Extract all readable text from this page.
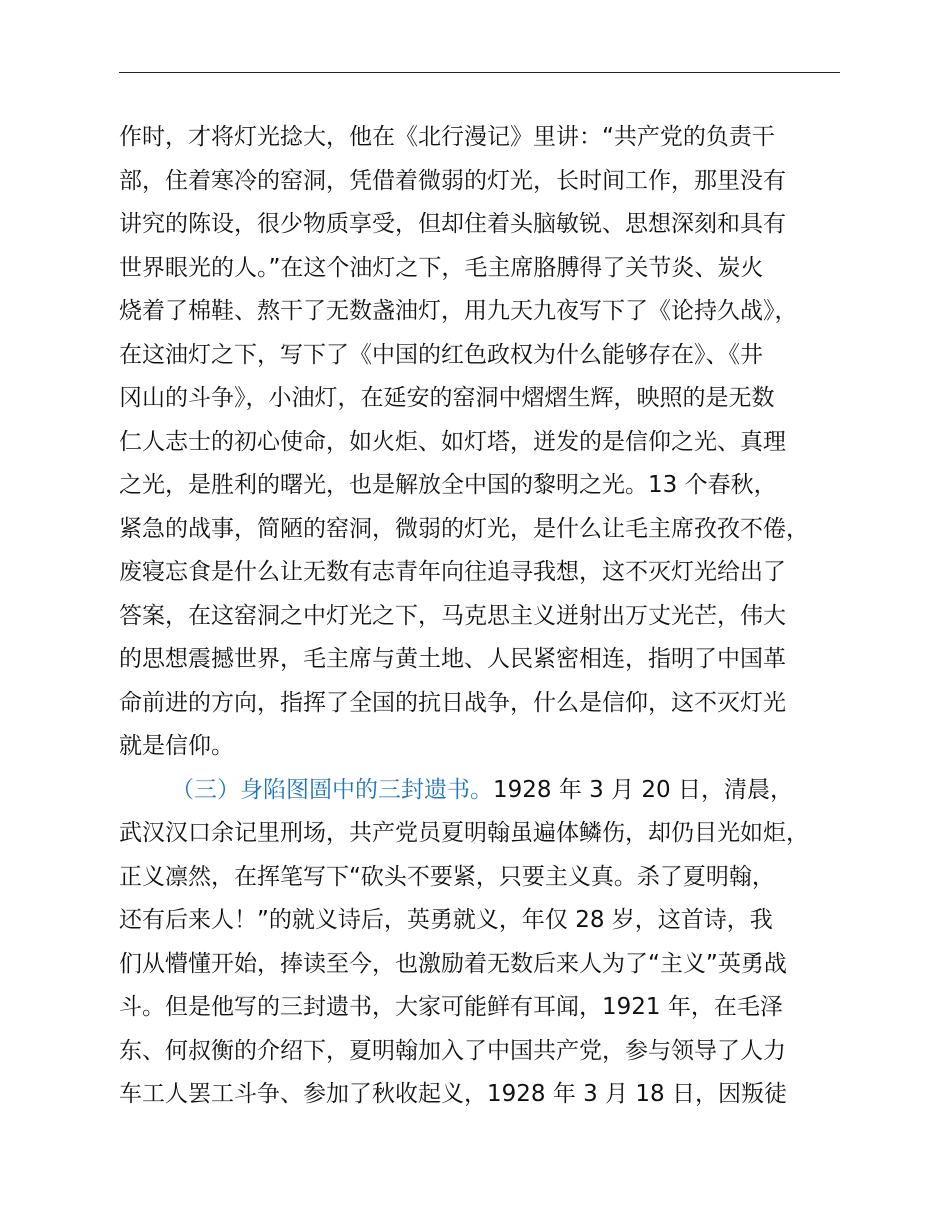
作时，才将灯光捻大，他在《北行漫记》里讲：“共产党的负责干
部，住着寒冷的窑洞，凭借着微弱的灯光，长时间工作，那里没有
讲究的陈设，很少物质享受，但却住着头脑敏锐、思想深刻和具有
世界眼光的人。”在这个油灯之下，毛主席胳膊得了关节炎、炭火
烧着了棉鞋、熬干了无数盏油灯，用九天九夜写下了《论持久战》，
在这油灯之下，写下了《中国的红色政权为什么能够存在》、《井
冈山的斗争》，小油灯，在延安的窑洞中熠熠生辉，映照的是无数
仁人志士的初心使命，如火炬、如灯塔，迸发的是信仰之光、真理
之光，是胜利的曙光，也是解放全中国的黎明之光。13 个春秋，
紧急的战事，简陋的窑洞，微弱的灯光，是什么让毛主席孜孜不倦，
废寝忘食是什么让无数有志青年向往追寻我想，这不灭灯光给出了
答案，在这窑洞之中灯光之下，马克思主义迸射出万丈光芒，伟大
的思想震撼世界，毛主席与黄土地、人民紧密相连，指明了中国革
命前进的方向，指挥了全国的抗日战争，什么是信仰，这不灭灯光
就是信仰。
（三）身陷图圄中的三封遗书。1928 年 3 月 20 日，清晨，
武汉汉口余记里刑场，共产党员夏明翰虽遍体鳞伤，却仍目光如炬，
正义凛然，在挥笔写下“砍头不要紧，只要主义真。杀了夏明翰，
还有后来人！”的就义诗后，英勇就义，年仅 28 岁，这首诗，我
们从懵懂开始，捧读至今，也激励着无数后来人为了“主义”英勇战
斗。但是他写的三封遗书，大家可能鲜有耳闻，1921 年，在毛泽
东、何叔衡的介绍下，夏明翰加入了中国共产党，参与领导了人力
车工人罢工斗争、参加了秋收起义，1928 年 3 月 18 日，因叛徒
